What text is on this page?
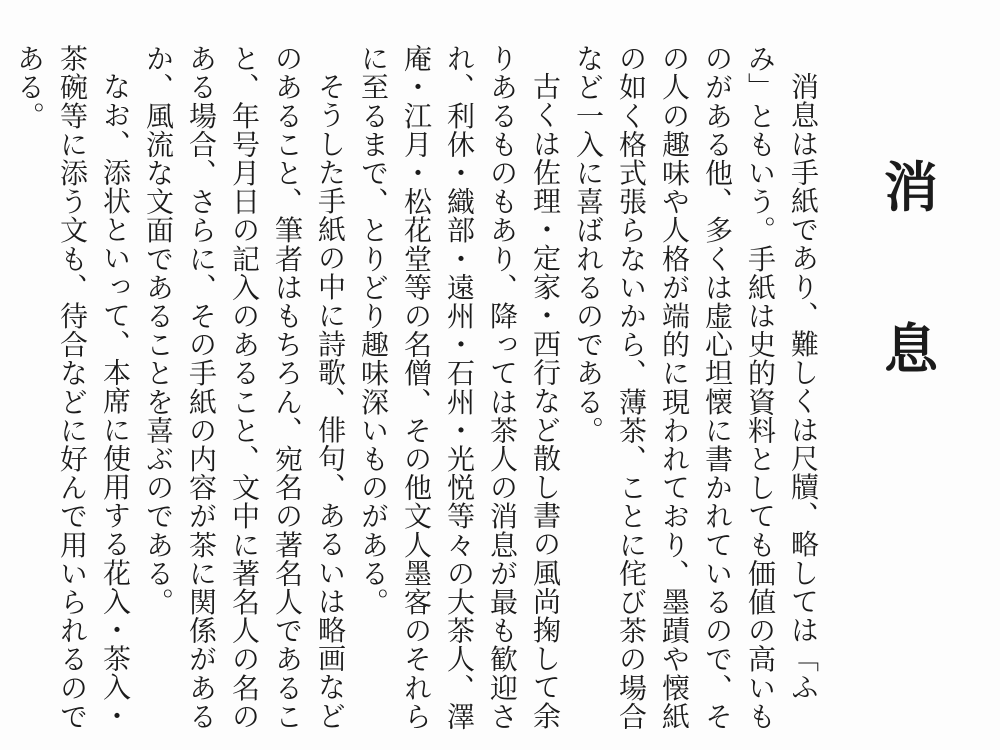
消
息

消息は手紙であり、難しくは尺牘、略しては「ふみ」ともいう。手紙は史的資料としても価値の高いものがある他、多くは虚心坦懐に書かれているので、その人の趣味や人格が端的に現われており、墨蹟や懐紙の如く格式張らないから、薄茶、ことに侘び茶の場合など一入に喜ばれるのである。

古くは佐理・定家・西行など散し書の風尚掬して余りあるものもあり、降っては茶人の消息が最も歓迎され、利休・織部・遠州・石州・光悦等々の大茶人、澤庵・江月・松花堂等の名僧、その他文人墨客のそれらに至るまで、とりどり趣味深いものがある。

そうした手紙の中に詩歌、俳句、あるいは略画などのあること、筆者はもちろん、宛名の著名人であること、年号月日の記入のあること、文中に著名人の名のある場合、さらに、その手紙の内容が茶に関係があるか、風流な文面であることを喜ぶのである。

なお、添状といって、本席に使用する花入・茶入・茶碗等に添う文も、待合などに好んで用いられるのである。
